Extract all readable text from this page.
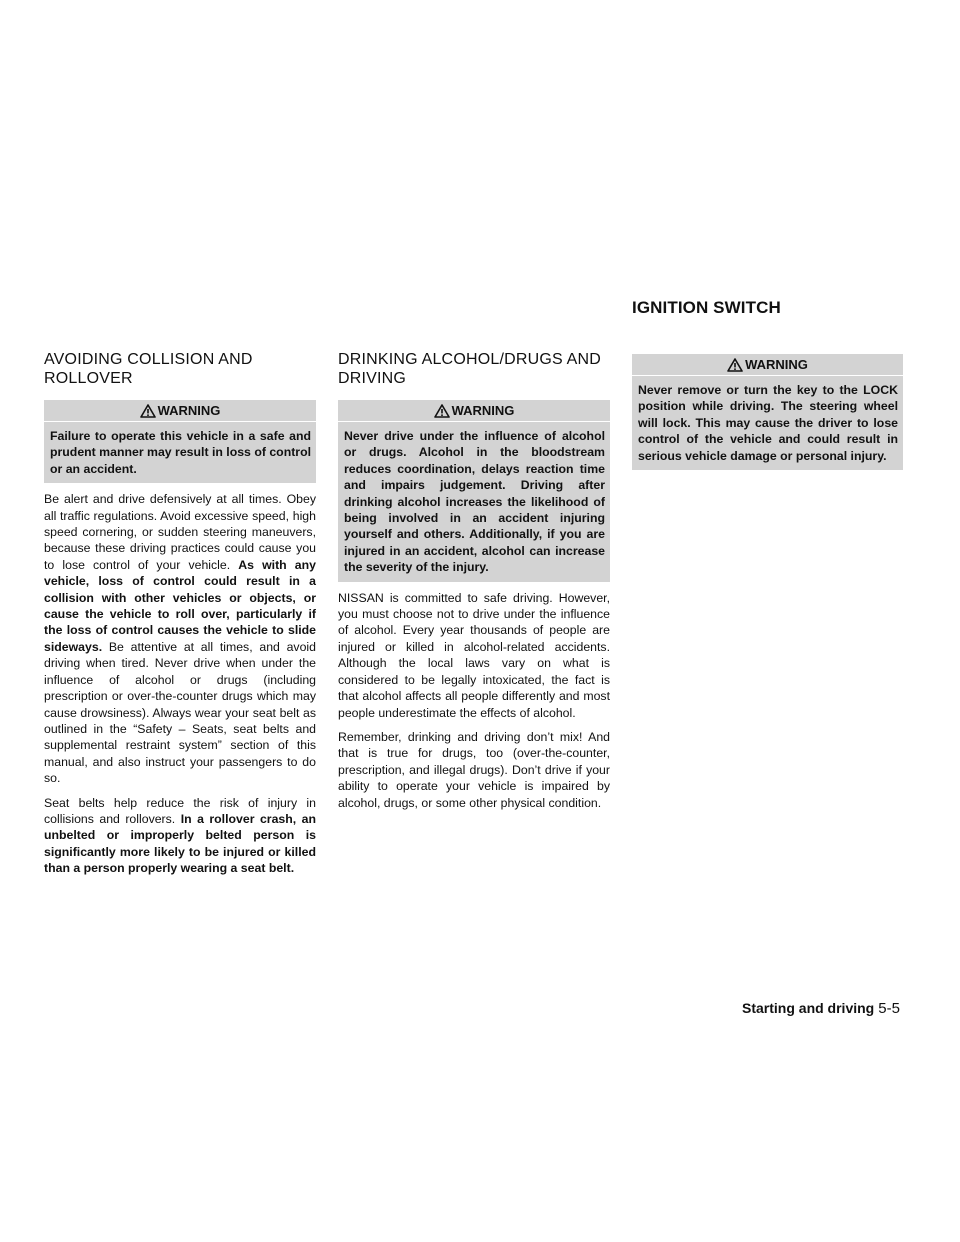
IGNITION SWITCH
AVOIDING COLLISION AND
ROLLOVER
WARNING
Failure to operate this vehicle in a safe and prudent manner may result in loss of control or an accident.

Be alert and drive defensively at all times. Obey all traffic regulations. Avoid excessive speed, high speed cornering, or sudden steering maneuvers, because these driving practices could cause you to lose control of your vehicle. As with any vehicle, loss of control could result in a collision with other vehicles or objects, or cause the vehicle to roll over, particularly if the loss of control causes the vehicle to slide sideways. Be attentive at all times, and avoid driving when tired. Never drive when under the influence of alcohol or drugs (including prescription or over-the-counter drugs which may cause drowsiness). Always wear your seat belt as outlined in the “Safety – Seats, seat belts and supplemental restraint system” section of this manual, and also instruct your passengers to do so.

Seat belts help reduce the risk of injury in collisions and rollovers. In a rollover crash, an unbelted or improperly belted person is significantly more likely to be injured or killed than a person properly wearing a seat belt.

DRINKING ALCOHOL/DRUGS AND
DRIVING
WARNING
Never drive under the influence of alcohol or drugs. Alcohol in the bloodstream reduces coordination, delays reaction time and impairs judgement. Driving after drinking alcohol increases the likelihood of being involved in an accident injuring yourself and others. Additionally, if you are injured in an accident, alcohol can increase the severity of the injury.

NISSAN is committed to safe driving. However, you must choose not to drive under the influence of alcohol. Every year thousands of people are injured or killed in alcohol-related accidents. Although the local laws vary on what is considered to be legally intoxicated, the fact is that alcohol affects all people differently and most people underestimate the effects of alcohol.

Remember, drinking and driving don’t mix! And that is true for drugs, too (over-the-counter, prescription, and illegal drugs). Don’t drive if your ability to operate your vehicle is impaired by alcohol, drugs, or some other physical condition.

WARNING
Never remove or turn the key to the LOCK position while driving. The steering wheel will lock. This may cause the driver to lose control of the vehicle and could result in serious vehicle damage or personal injury.
Starting and driving 5-5
